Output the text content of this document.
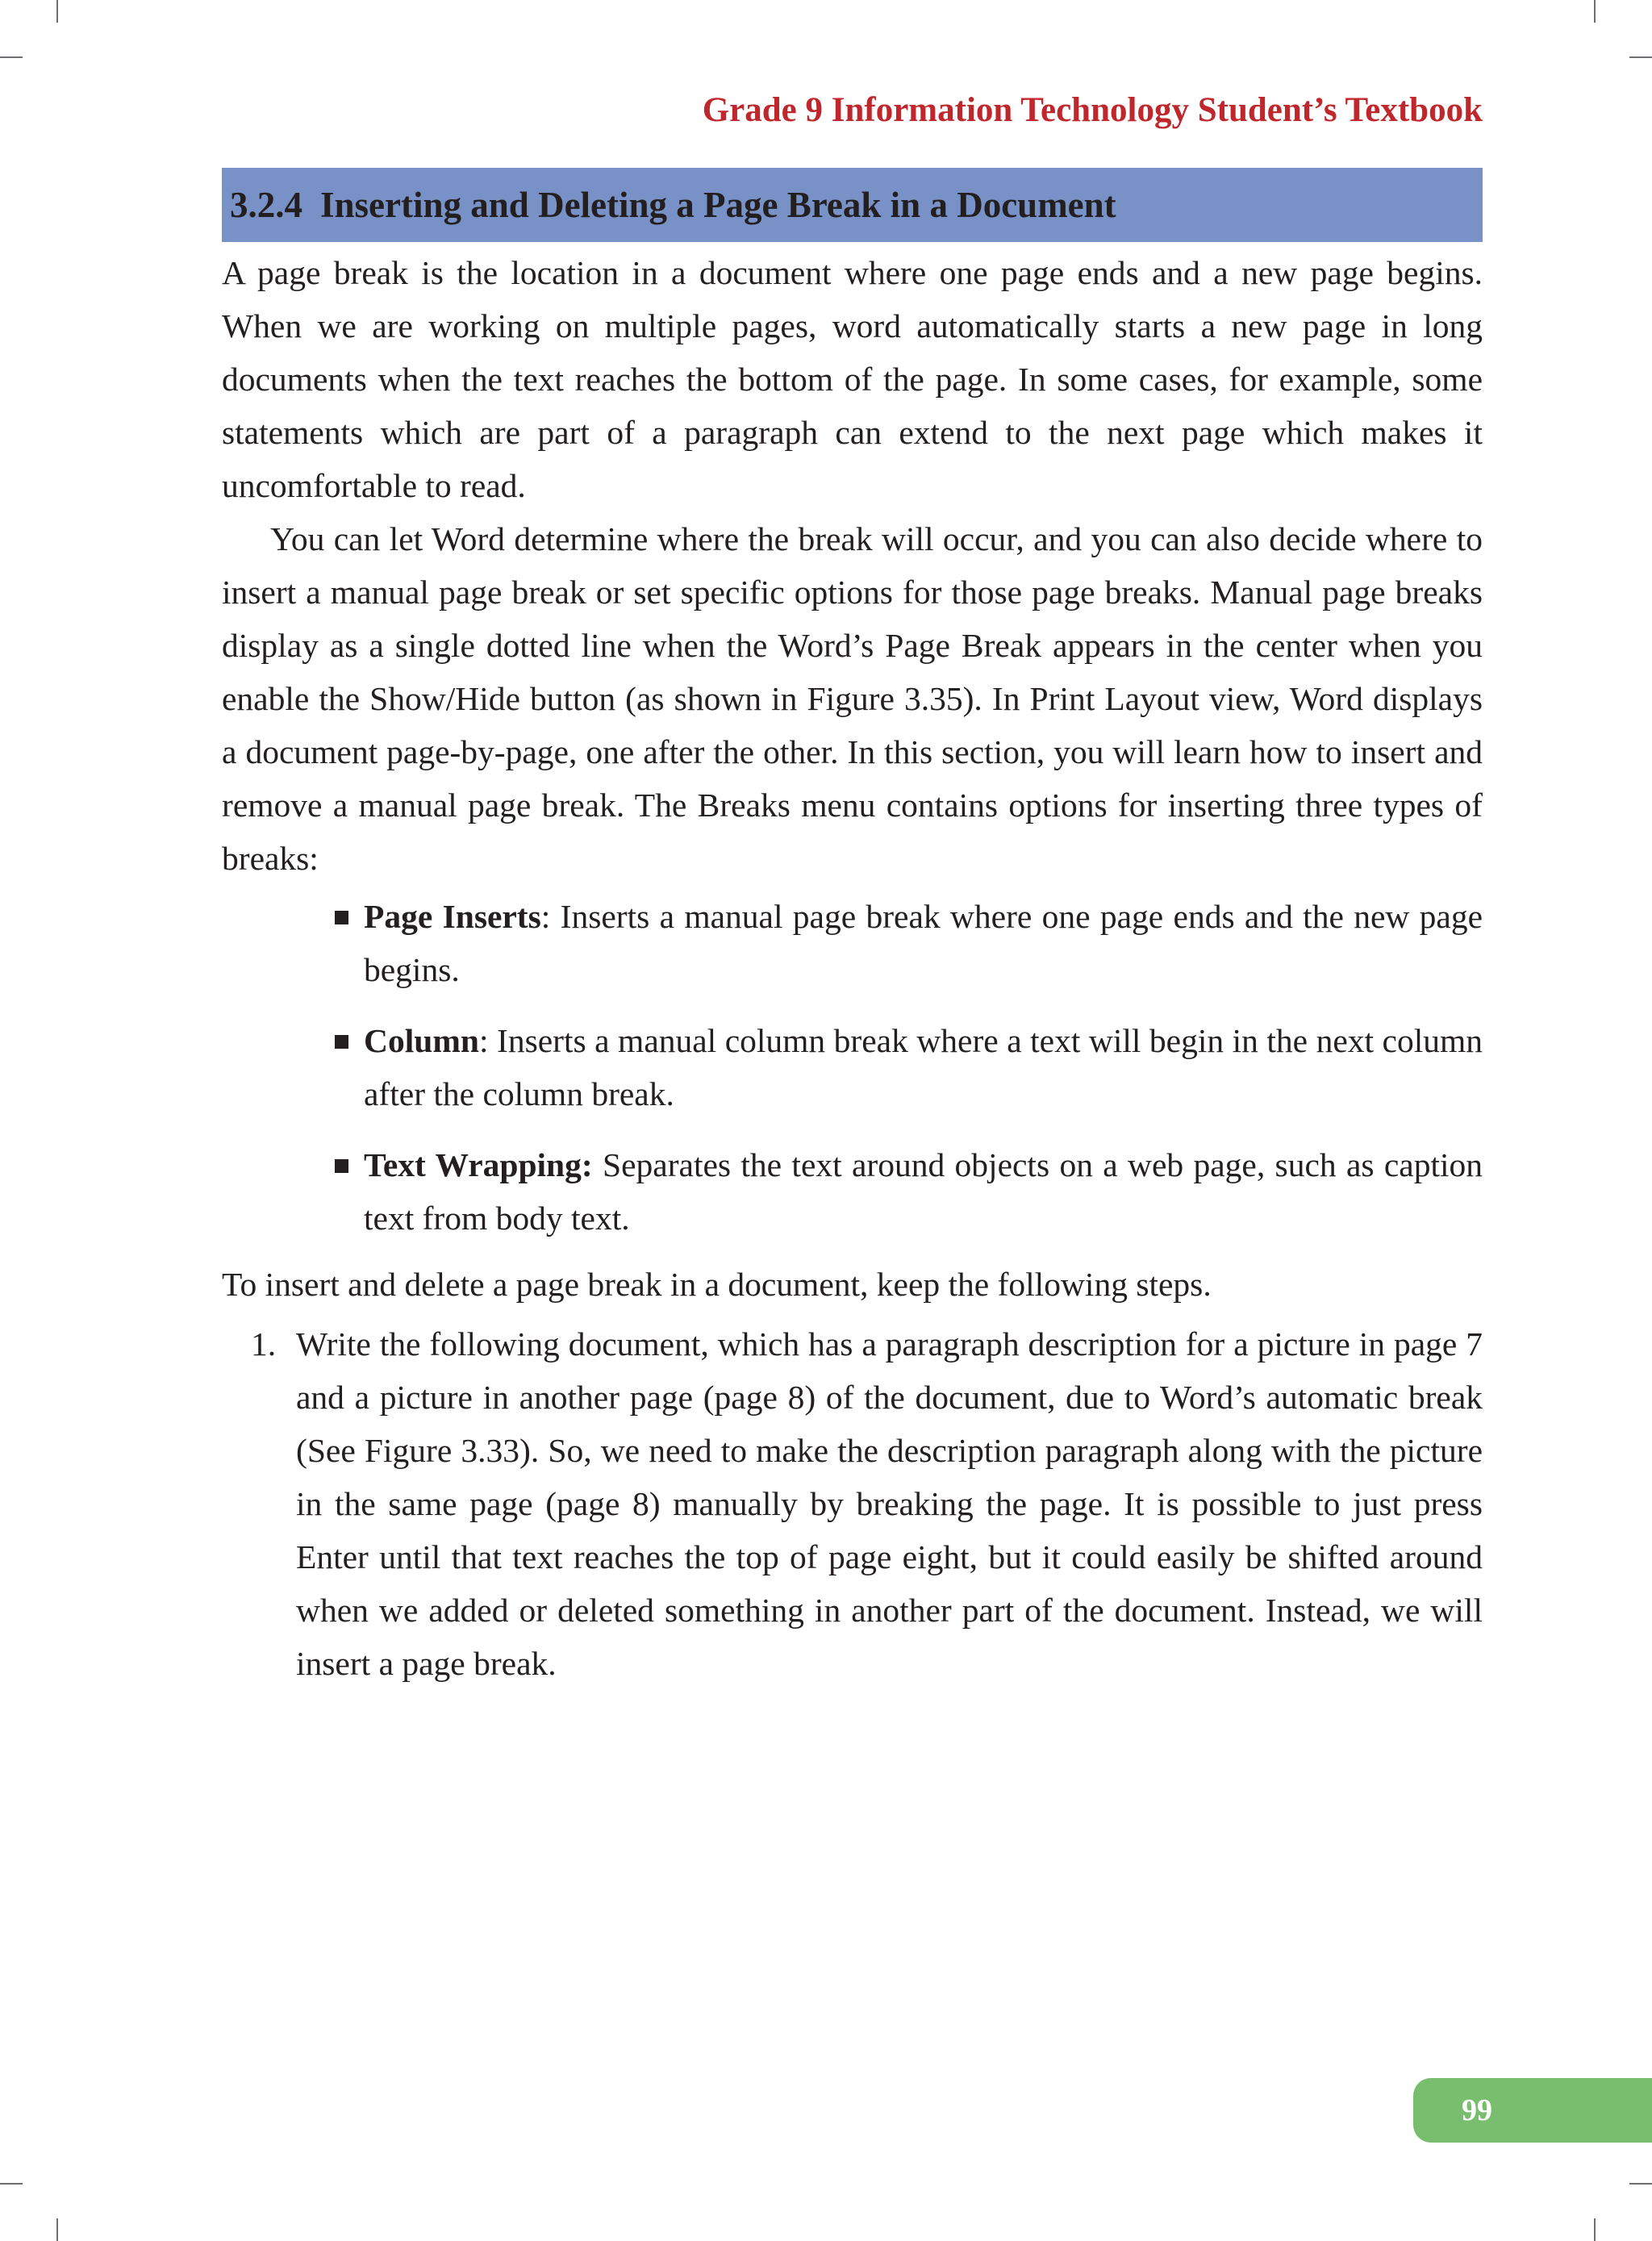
Grade 9 Information Technology Student’s Textbook
3.2.4 Inserting and Deleting a Page Break in a Document

A page break is the location in a document where one page ends and a new page begins. When we are working on multiple pages, word automatically starts a new page in long documents when the text reaches the bottom of the page. In some cases, for example, some statements which are part of a paragraph can extend to the next page which makes it uncomfortable to read.

You can let Word determine where the break will occur, and you can also decide where to insert a manual page break or set specific options for those page breaks. Manual page breaks display as a single dotted line when the Word’s Page Break appears in the center when you enable the Show/Hide button (as shown in Figure 3.35). In Print Layout view, Word displays a document page-by-page, one after the other. In this section, you will learn how to insert and remove a manual page break. The Breaks menu contains options for inserting three types of breaks:

Page Inserts: Inserts a manual page break where one page ends and the new page begins.
Column: Inserts a manual column break where a text will begin in the next column after the column break.
Text Wrapping: Separates the text around objects on a web page, such as caption text from body text.

To insert and delete a page break in a document, keep the following steps.

1. Write the following document, which has a paragraph description for a picture in page 7 and a picture in another page (page 8) of the document, due to Word’s automatic break (See Figure 3.33). So, we need to make the description paragraph along with the picture in the same page (page 8) manually by breaking the page. It is possible to just press Enter until that text reaches the top of page eight, but it could easily be shifted around when we added or deleted something in another part of the document. Instead, we will insert a page break.
99
